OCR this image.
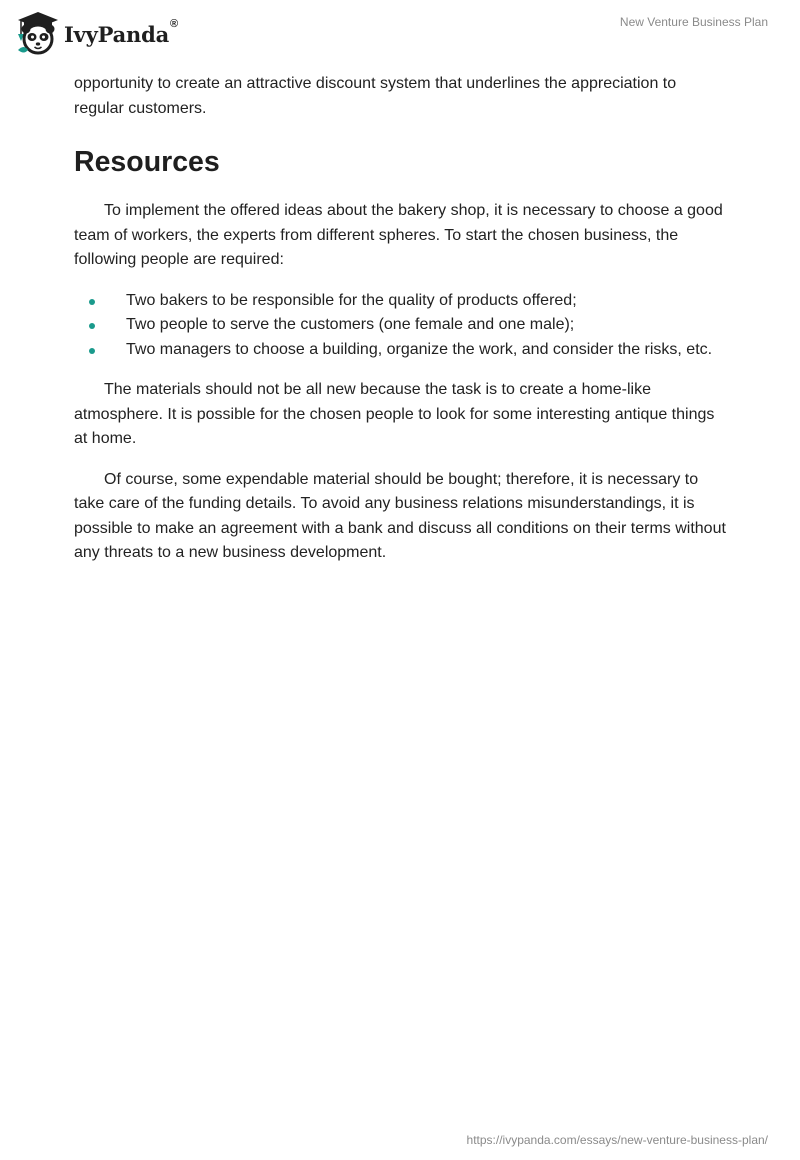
IvyPanda®	New Venture Business Plan

opportunity to create an attractive discount system that underlines the appreciation to regular customers.

Resources

To implement the offered ideas about the bakery shop, it is necessary to choose a good team of workers, the experts from different spheres. To start the chosen business, the following people are required:

Two bakers to be responsible for the quality of products offered;
Two people to serve the customers (one female and one male);
Two managers to choose a building, organize the work, and consider the risks, etc.

The materials should not be all new because the task is to create a home-like atmosphere. It is possible for the chosen people to look for some interesting antique things at home.

Of course, some expendable material should be bought; therefore, it is necessary to take care of the funding details. To avoid any business relations misunderstandings, it is possible to make an agreement with a bank and discuss all conditions on their terms without any threats to a new business development.

https://ivypanda.com/essays/new-venture-business-plan/
